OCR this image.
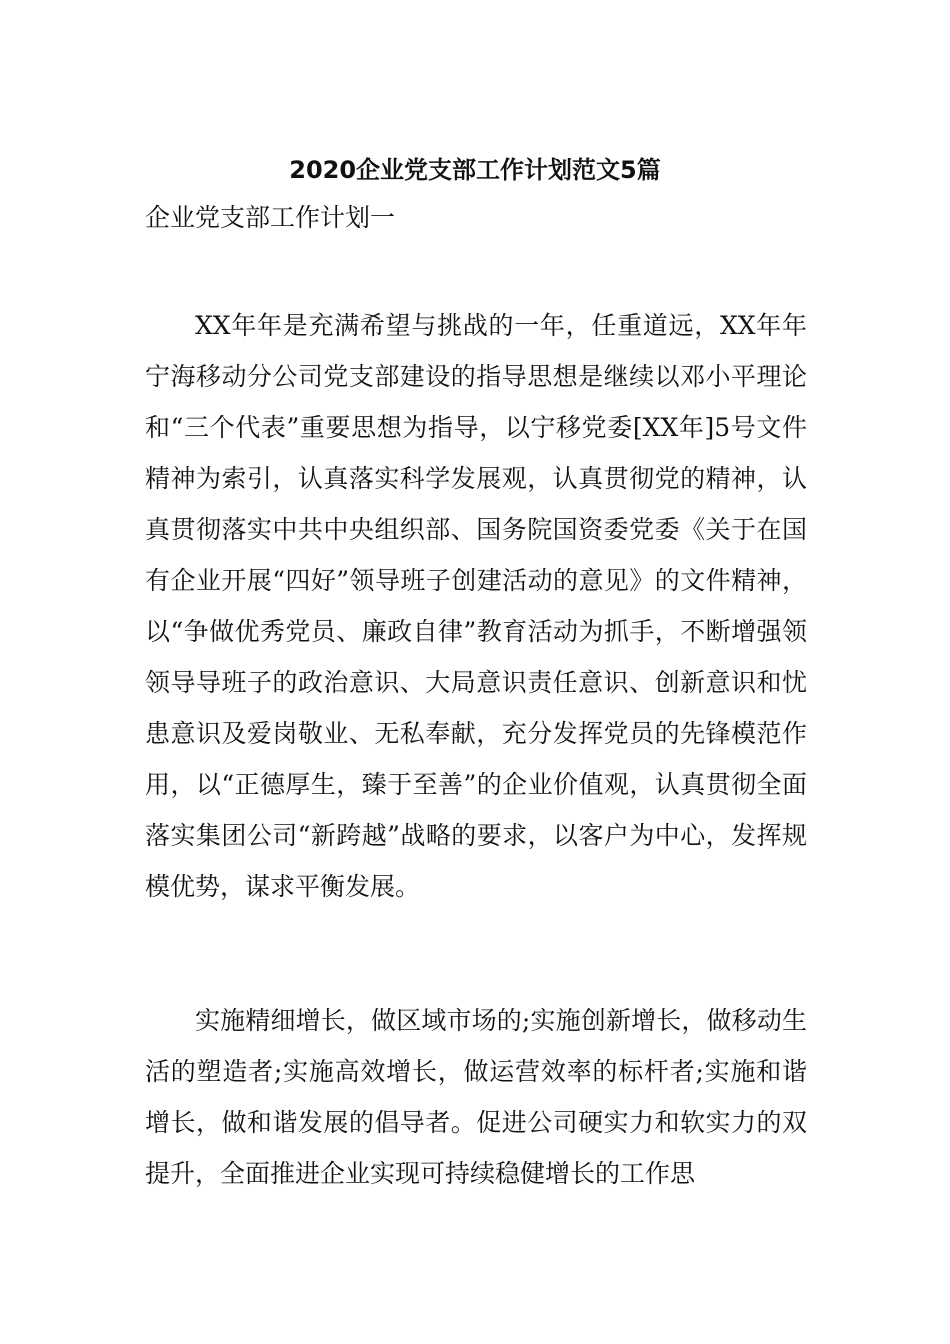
2020企业党支部工作计划范文5篇
企业党支部工作计划一

XX年年是充满希望与挑战的一年，任重道远，XX年年宁海移动分公司党支部建设的指导思想是继续以邓小平理论和“三个代表”重要思想为指导，以宁移党委[XX年]5号文件精神为索引，认真落实科学发展观，认真贯彻党的精神，认真贯彻落实中共中央组织部、国务院国资委党委《关于在国有企业开展“四好”领导班子创建活动的意见》的文件精神，以“争做优秀党员、廉政自律”教育活动为抓手，不断增强领领导导班子的政治意识、大局意识责任意识、创新意识和忧患意识及爱岗敬业、无私奉献，充分发挥党员的先锋模范作用，以“正德厚生，臻于至善”的企业价值观，认真贯彻全面落实集团公司“新跨越”战略的要求，以客户为中心，发挥规模优势，谋求平衡发展。

实施精细增长，做区域市场的;实施创新增长，做移动生活的塑造者;实施高效增长，做运营效率的标杆者;实施和谐增长，做和谐发展的倡导者。促进公司硬实力和软实力的双提升，全面推进企业实现可持续稳健增长的工作思
